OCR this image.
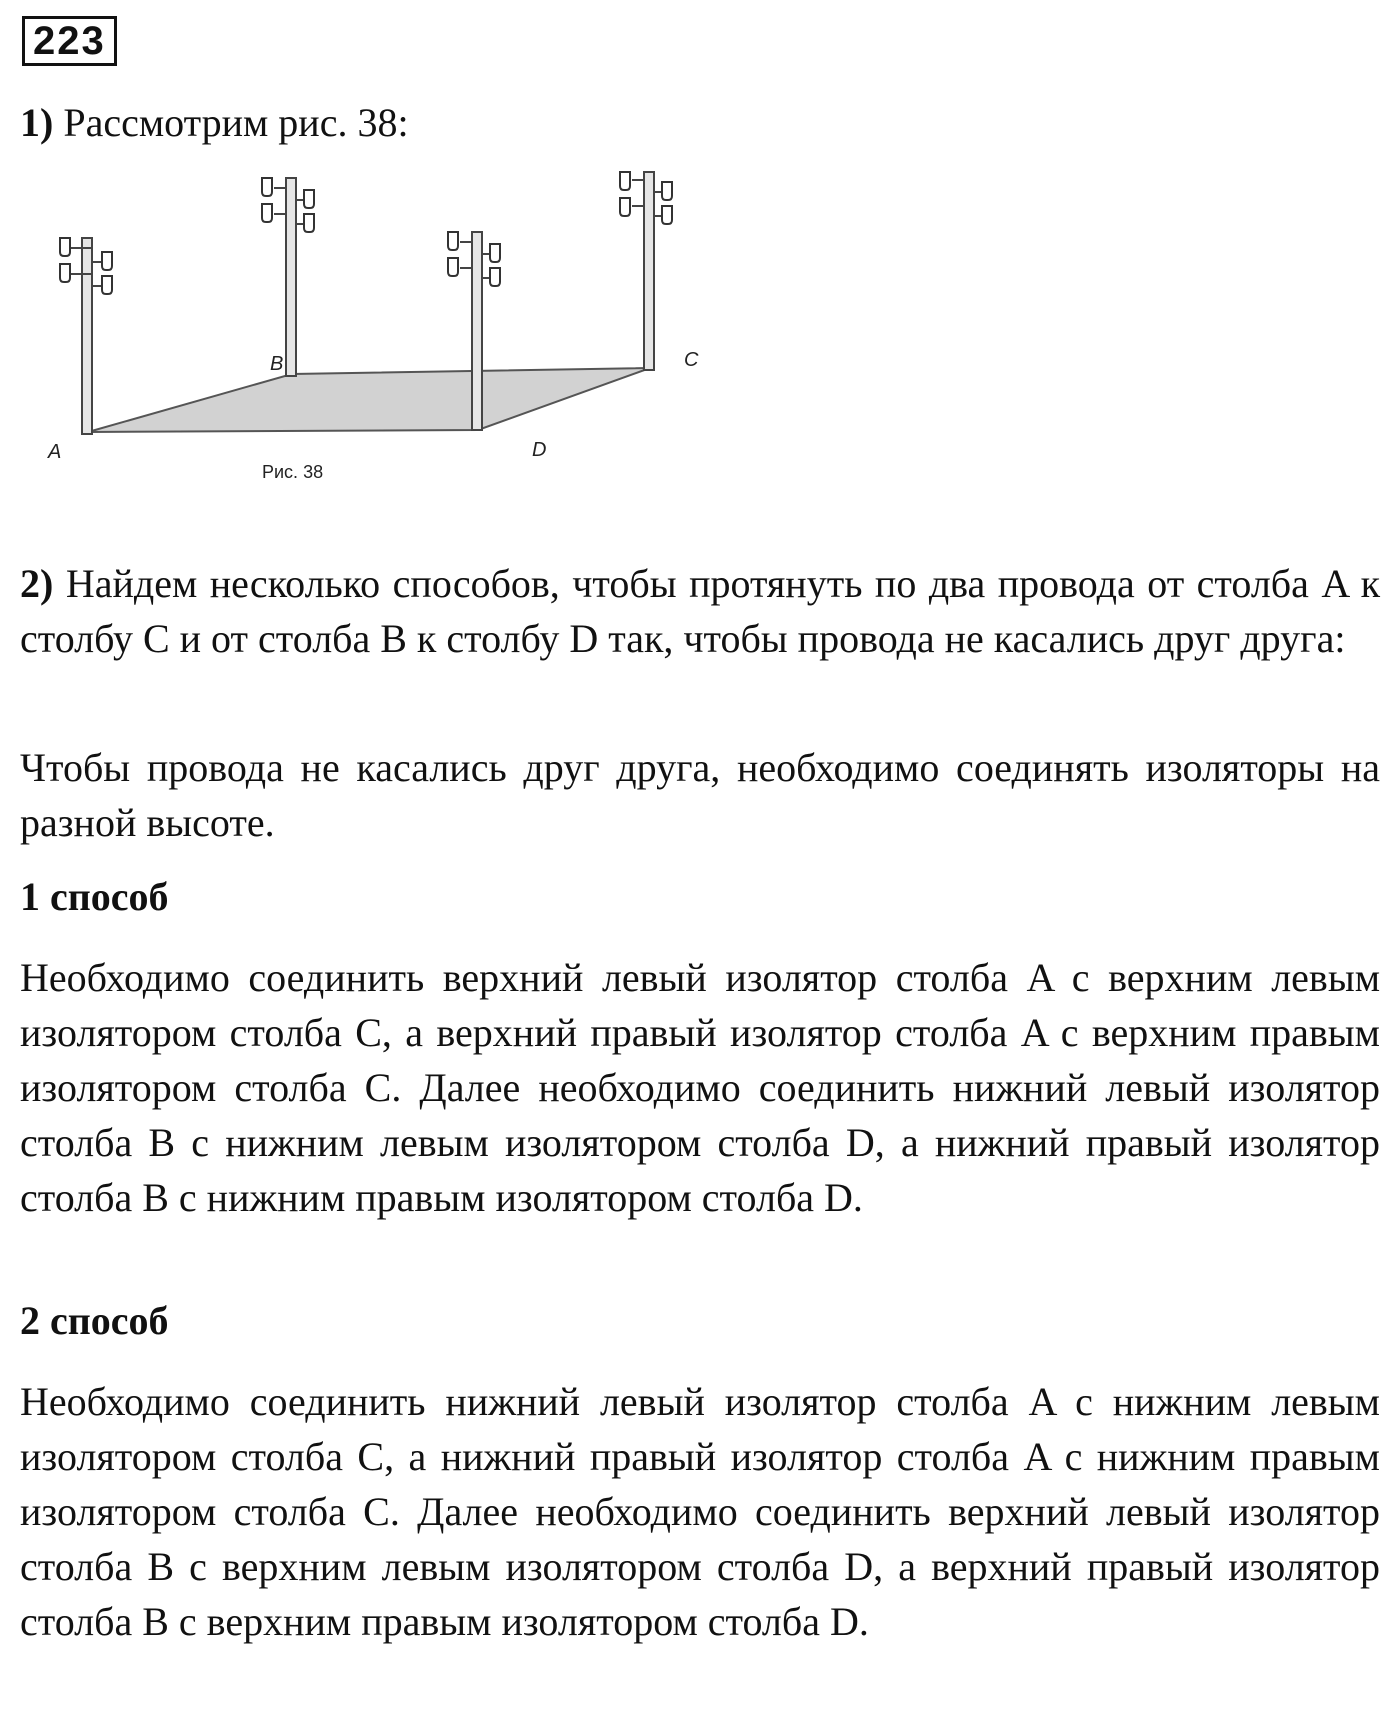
223
1) Рассмотрим рис. 38:
A
B	C
D
Рис. 38

2) Найдем несколько способов, чтобы протянуть по два провода от столба A к столбу C и от столба B к столбу D так, чтобы провода не касались друг друга:

Чтобы провода не касались друг друга, необходимо соединять изоляторы на разной высоте.

1 способ

Необходимо соединить верхний левый изолятор столба A с верхним левым изолятором столба C, а верхний правый изолятор столба A с верхним правым изолятором столба C. Далее необходимо соединить нижний левый изолятор столба B с нижним левым изолятором столба D, а нижний правый изолятор столба B с нижним правым изолятором столба D.

2 способ

Необходимо соединить нижний левый изолятор столба A с нижним левым изолятором столба C, а нижний правый изолятор столба A с нижним правым изолятором столба C. Далее необходимо соединить верхний левый изолятор столба B с верхним левым изолятором столба D, а верхний правый изолятор столба B с верхним правым изолятором столба D.
